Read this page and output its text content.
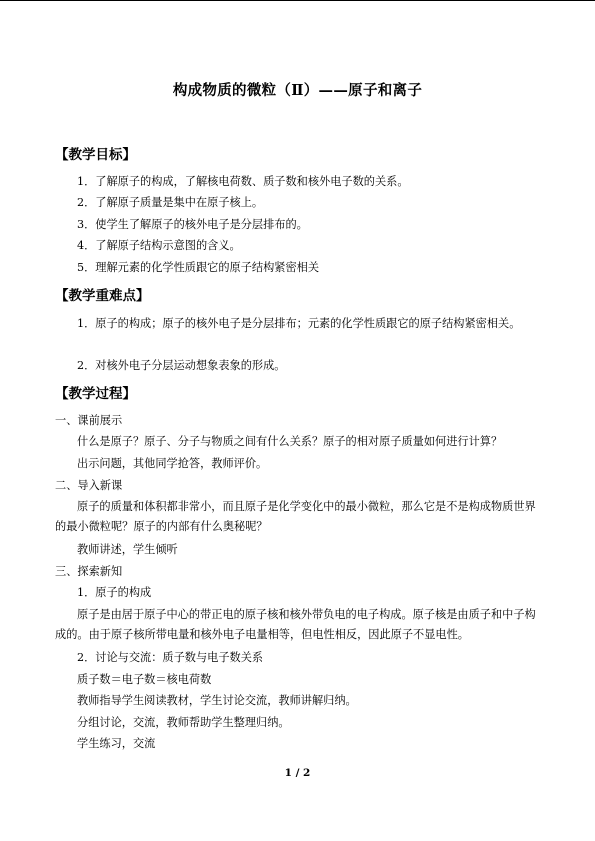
构成物质的微粒（Ⅱ）——原子和离子
【教学目标】
1．了解原子的构成，了解核电荷数、质子数和核外电子数的关系。
2．了解原子质量是集中在原子核上。
3．使学生了解原子的核外电子是分层排布的。
4．了解原子结构示意图的含义。
5．理解元素的化学性质跟它的原子结构紧密相关
【教学重难点】
1．原子的构成；原子的核外电子是分层排布；元素的化学性质跟它的原子结构紧密相关。
2．对核外电子分层运动想象表象的形成。
【教学过程】
一、课前展示
什么是原子？原子、分子与物质之间有什么关系？原子的相对原子质量如何进行计算？
出示问题，其他同学抢答，教师评价。
二、导入新课
原子的质量和体积都非常小，而且原子是化学变化中的最小微粒，那么它是不是构成物质世界的最小微粒呢？原子的内部有什么奥秘呢？
教师讲述，学生倾听
三、探索新知
1．原子的构成
原子是由居于原子中心的带正电的原子核和核外带负电的电子构成。原子核是由质子和中子构成的。由于原子核所带电量和核外电子电量相等，但电性相反，因此原子不显电性。
2．讨论与交流：质子数与电子数关系
质子数＝电子数＝核电荷数
教师指导学生阅读教材，学生讨论交流，教师讲解归纳。
分组讨论，交流，教师帮助学生整理归纳。
学生练习，交流
1 / 2
